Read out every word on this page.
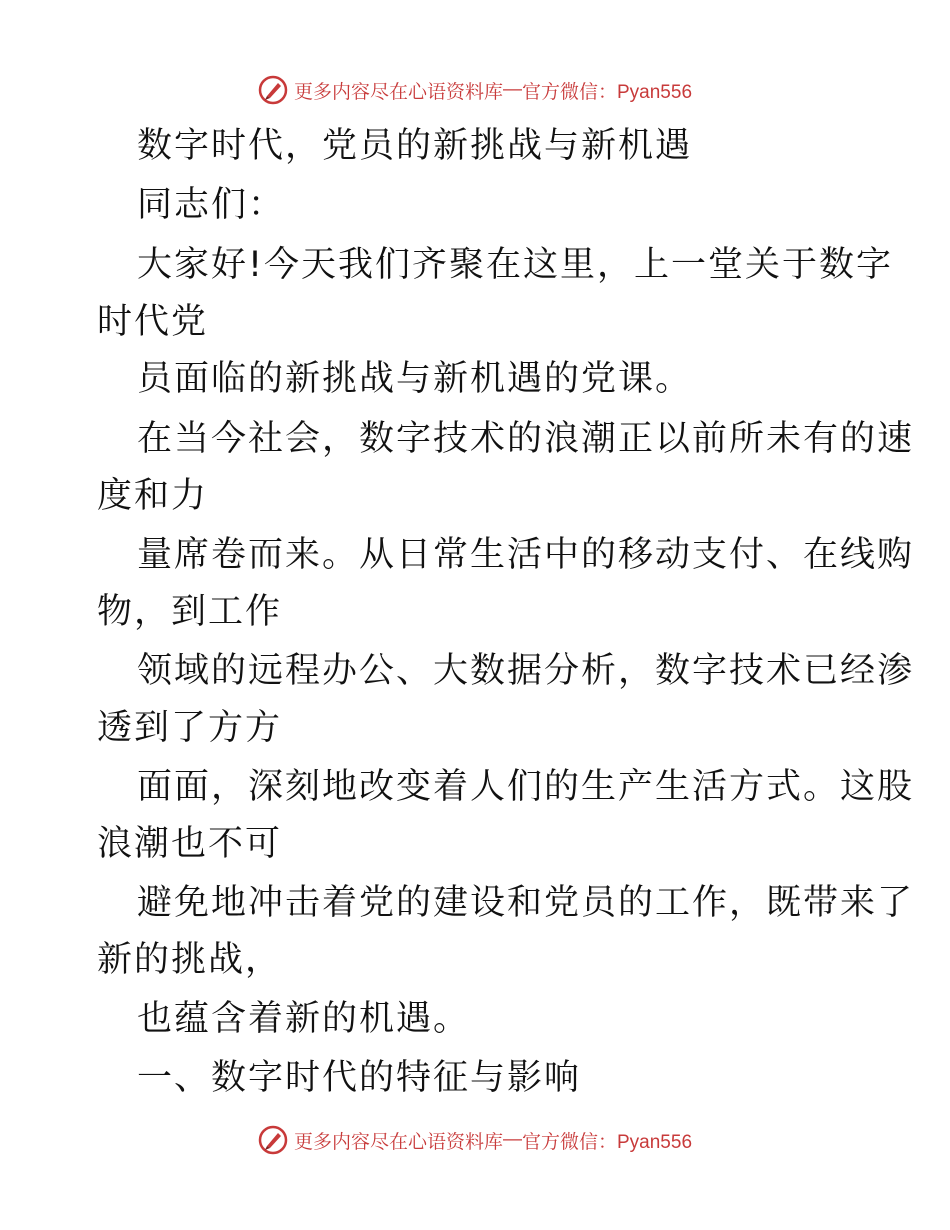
更多内容尽在心语资料库 — 官方微信：Pyan556
数字时代，党员的新挑战与新机遇
同志们：
大家好!今天我们齐聚在这里，上一堂关于数字
时代党
员面临的新挑战与新机遇的党课。
在当今社会，数字技术的浪潮正以前所未有的速
度和力
量席卷而来。从日常生活中的移动支付、在线购
物，到工作
领域的远程办公、大数据分析，数字技术已经渗
透到了方方
面面，深刻地改变着人们的生产生活方式。这股
浪潮也不可
避免地冲击着党的建设和党员的工作，既带来了
新的挑战，
也蕴含着新的机遇。
一、数字时代的特征与影响
更多内容尽在心语资料库 — 官方微信：Pyan556
